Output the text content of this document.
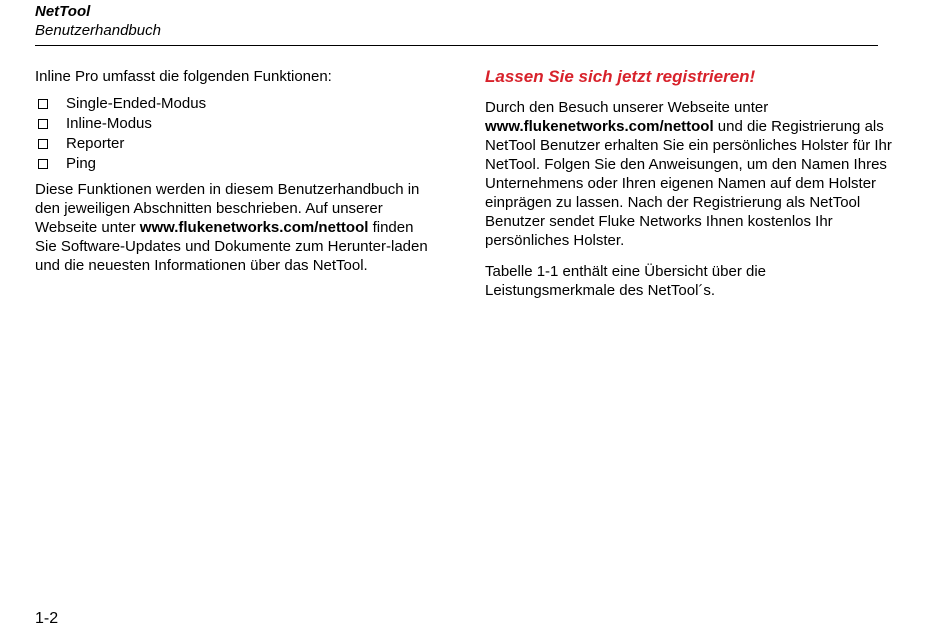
NetTool
Benutzerhandbuch

Inline Pro umfasst die folgenden Funktionen:

Single-Ended-Modus
Inline-Modus
Reporter
Ping

Diese Funktionen werden in diesem Benutzerhandbuch in den jeweiligen Abschnitten beschrieben. Auf unserer Webseite unter www.flukenetworks.com/nettool finden Sie Software-Updates und Dokumente zum Herunter-laden und die neuesten Informationen über das NetTool.

Lassen Sie sich jetzt registrieren!

Durch den Besuch unserer Webseite unter
www.flukenetworks.com/nettool und die Registrierung als NetTool Benutzer erhalten Sie ein persönliches Holster für Ihr NetTool. Folgen Sie den Anweisungen, um den Namen Ihres Unternehmens oder Ihren eigenen Namen auf dem Holster einprägen zu lassen. Nach der Registrierung als NetTool Benutzer sendet Fluke Networks Ihnen kostenlos Ihr persönliches Holster.

Tabelle 1-1 enthält eine Übersicht über die Leistungsmerkmale des NetTool´s.

1-2
